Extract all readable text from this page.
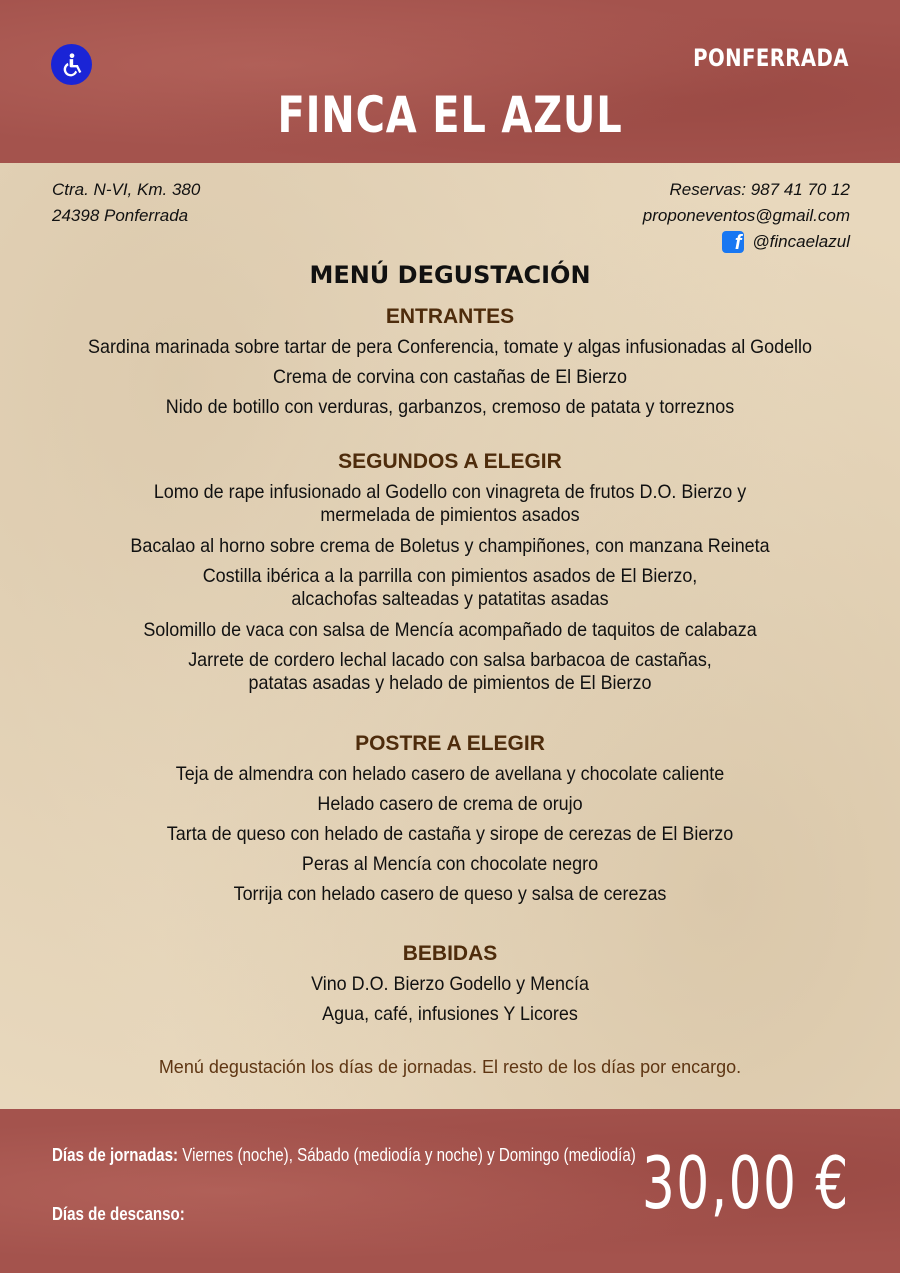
PONFERRADA
FINCA EL AZUL
Ctra. N-VI, Km. 380
24398 Ponferrada
Reservas: 987 41 70 12
proponeventos@gmail.com
f @fincaelazul

MENÚ DEGUSTACIÓN

ENTRANTES

Sardina marinada sobre tartar de pera Conferencia, tomate y algas infusionadas al Godello

Crema de corvina con castañas de El Bierzo

Nido de botillo con verduras, garbanzos, cremoso de patata y torreznos

SEGUNDOS A ELEGIR

Lomo de rape infusionado al Godello con vinagreta de frutos D.O. Bierzo y

mermelada de pimientos asados

Bacalao al horno sobre crema de Boletus y champiñones, con manzana Reineta

Costilla ibérica a la parrilla con pimientos asados de El Bierzo,

alcachofas salteadas y patatitas asadas

Solomillo de vaca con salsa de Mencía acompañado de taquitos de calabaza

Jarrete de cordero lechal lacado con salsa barbacoa de castañas,

patatas asadas y helado de pimientos de El Bierzo

POSTRE A ELEGIR

Teja de almendra con helado casero de avellana y chocolate caliente

Helado casero de crema de orujo

Tarta de queso con helado de castaña y sirope de cerezas de El Bierzo

Peras al Mencía con chocolate negro

Torrija con helado casero de queso y salsa de cerezas

BEBIDAS

Vino D.O. Bierzo Godello y Mencía

Agua, café, infusiones Y Licores

Menú degustación los días de jornadas. El resto de los días por encargo.
Días de jornadas: Viernes (noche), Sábado (mediodía y noche) y Domingo (mediodía)
Días de descanso:	30,00 €
